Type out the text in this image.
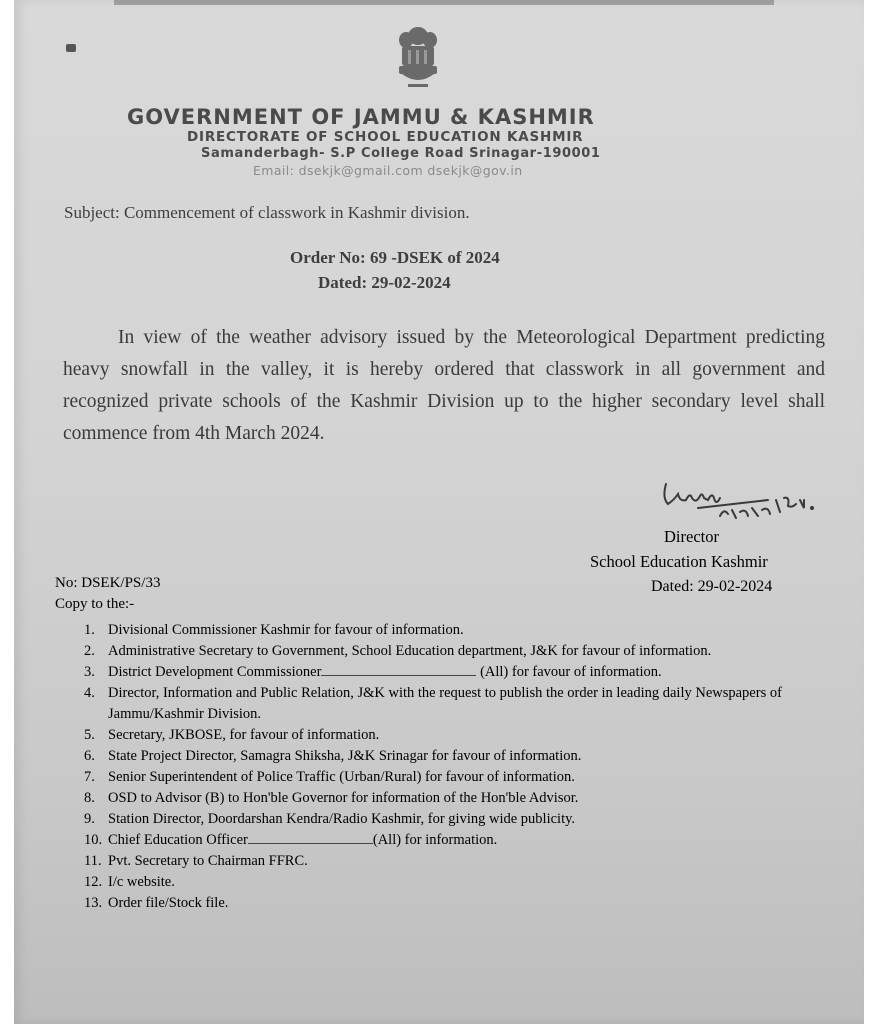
GOVERNMENT OF JAMMU & KASHMIR
DIRECTORATE OF SCHOOL EDUCATION KASHMIR
Samanderbagh- S.P College Road Srinagar-190001
Email: dsekjk@gmail.com dsekjk@gov.in
Subject: Commencement of classwork in Kashmir division.
Order No: 69 -DSEK of 2024
Dated: 29-02-2024
In view of the weather advisory issued by the Meteorological Department predicting heavy snowfall in the valley, it is hereby ordered that classwork in all government and recognized private schools of the Kashmir Division up to the higher secondary level shall commence from 4th March 2024.
Director
School Education Kashmir
Dated: 29-02-2024
No: DSEK/PS/33
Copy to the:-
1. Divisional Commissioner Kashmir for favour of information.
2. Administrative Secretary to Government, School Education department, J&K for favour of information.
3. District Development Commissioner	(All) for favour of information.
4. Director, Information and Public Relation, J&K with the request to publish the order in leading daily Newspapers of Jammu/Kashmir Division.
5. Secretary, JKBOSE, for favour of information.
6. State Project Director, Samagra Shiksha, J&K Srinagar for favour of information.
7. Senior Superintendent of Police Traffic (Urban/Rural) for favour of information.
8. OSD to Advisor (B) to Hon'ble Governor for information of the Hon'ble Advisor.
9. Station Director, Doordarshan Kendra/Radio Kashmir, for giving wide publicity.
10. Chief Education Officer	(All) for information.
11. Pvt. Secretary to Chairman FFRC.
12. I/c website.
13. Order file/Stock file.
